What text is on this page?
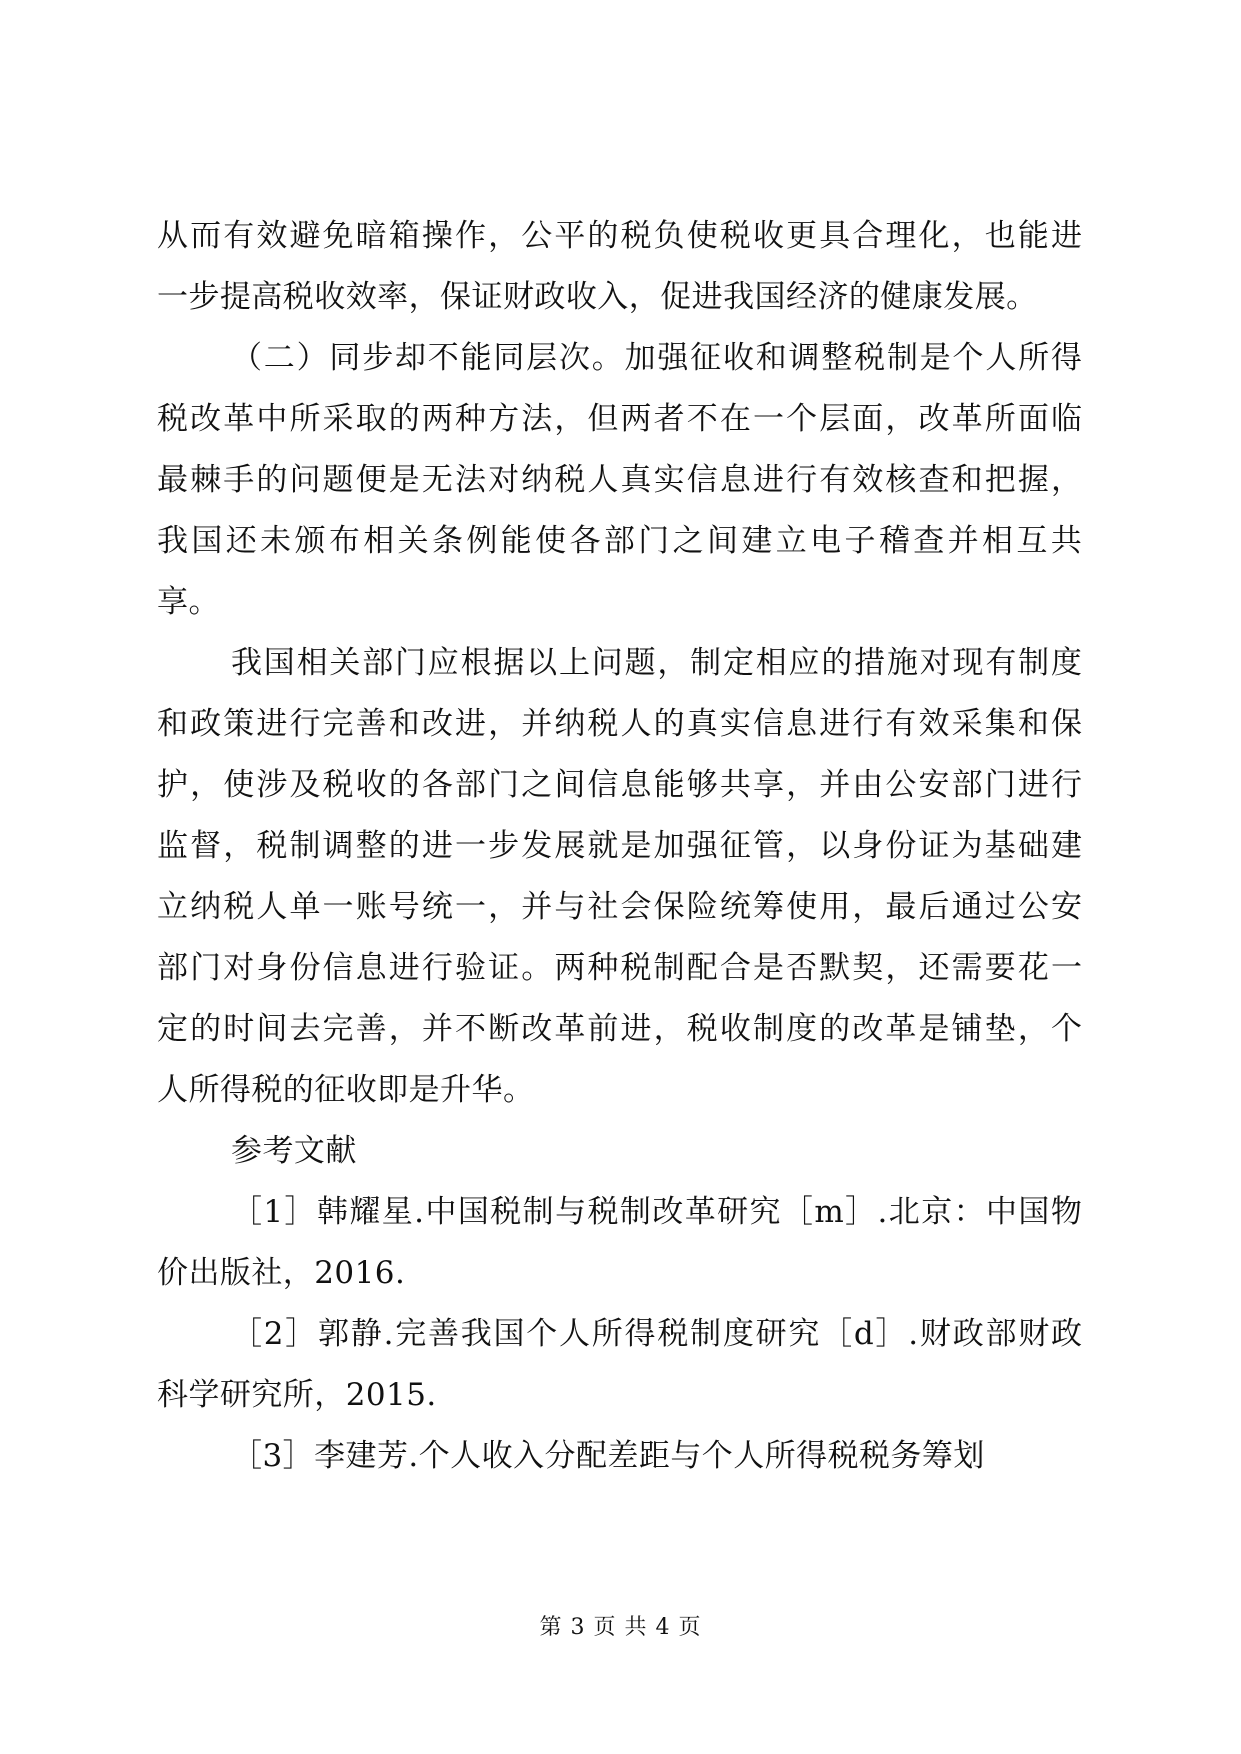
从 而 有 效 避 免 暗 箱 操 作 ， 公 平 的 税 负 使 税 收 更 具 合 理 化 ， 也 能 进
一步提高税收效率，保证财政收入，促进我国经济的健康发展。
（ 二 ） 同 步 却 不 能 同 层 次 。 加 强 征 收 和 调 整 税 制 是 个 人 所 得
税 改 革 中 所 采 取 的 两 种 方 法 ， 但 两 者 不 在 一 个 层 面 ， 改 革 所 面 临
最 棘 手 的 问 题 便 是 无 法 对 纳 税 人 真 实 信 息 进 行 有 效 核 查 和 把 握 ，
我 国 还 未 颁 布 相 关 条 例 能 使 各 部 门 之 间 建 立 电 子 稽 查 并 相 互 共
享。
我 国 相 关 部 门 应 根 据 以 上 问 题 ， 制 定 相 应 的 措 施 对 现 有 制 度
和 政 策 进 行 完 善 和 改 进 ， 并 纳 税 人 的 真 实 信 息 进 行 有 效 采 集 和 保
护 ， 使 涉 及 税 收 的 各 部 门 之 间 信 息 能 够 共 享 ， 并 由 公 安 部 门 进 行
监 督 ， 税 制 调 整 的 进 一 步 发 展 就 是 加 强 征 管 ， 以 身 份 证 为 基 础 建
立 纳 税 人 单 一 账 号 统 一 ， 并 与 社 会 保 险 统 筹 使 用 ， 最 后 通 过 公 安
部 门 对 身 份 信 息 进 行 验 证 。 两 种 税 制 配 合 是 否 默 契 ， 还 需 要 花 一
定 的 时 间 去 完 善 ， 并 不 断 改 革 前 进 ， 税 收 制 度 的 改 革 是 铺 垫 ， 个
人所得税的征收即是升华。
参考文献
［ 1 ］ 韩 耀 星 . 中 国 税 制 与 税 制 改 革 研 究 ［ m ］ . 北 京 ： 中 国 物
价出版社，2016.
［ 2 ］ 郭 静 . 完 善 我 国 个 人 所 得 税 制 度 研 究 ［ d ］ . 财 政 部 财 政
科学研究所，2015.
［3］李建芳.个人收入分配差距与个人所得税税务筹划
第 3 页 共 4 页
